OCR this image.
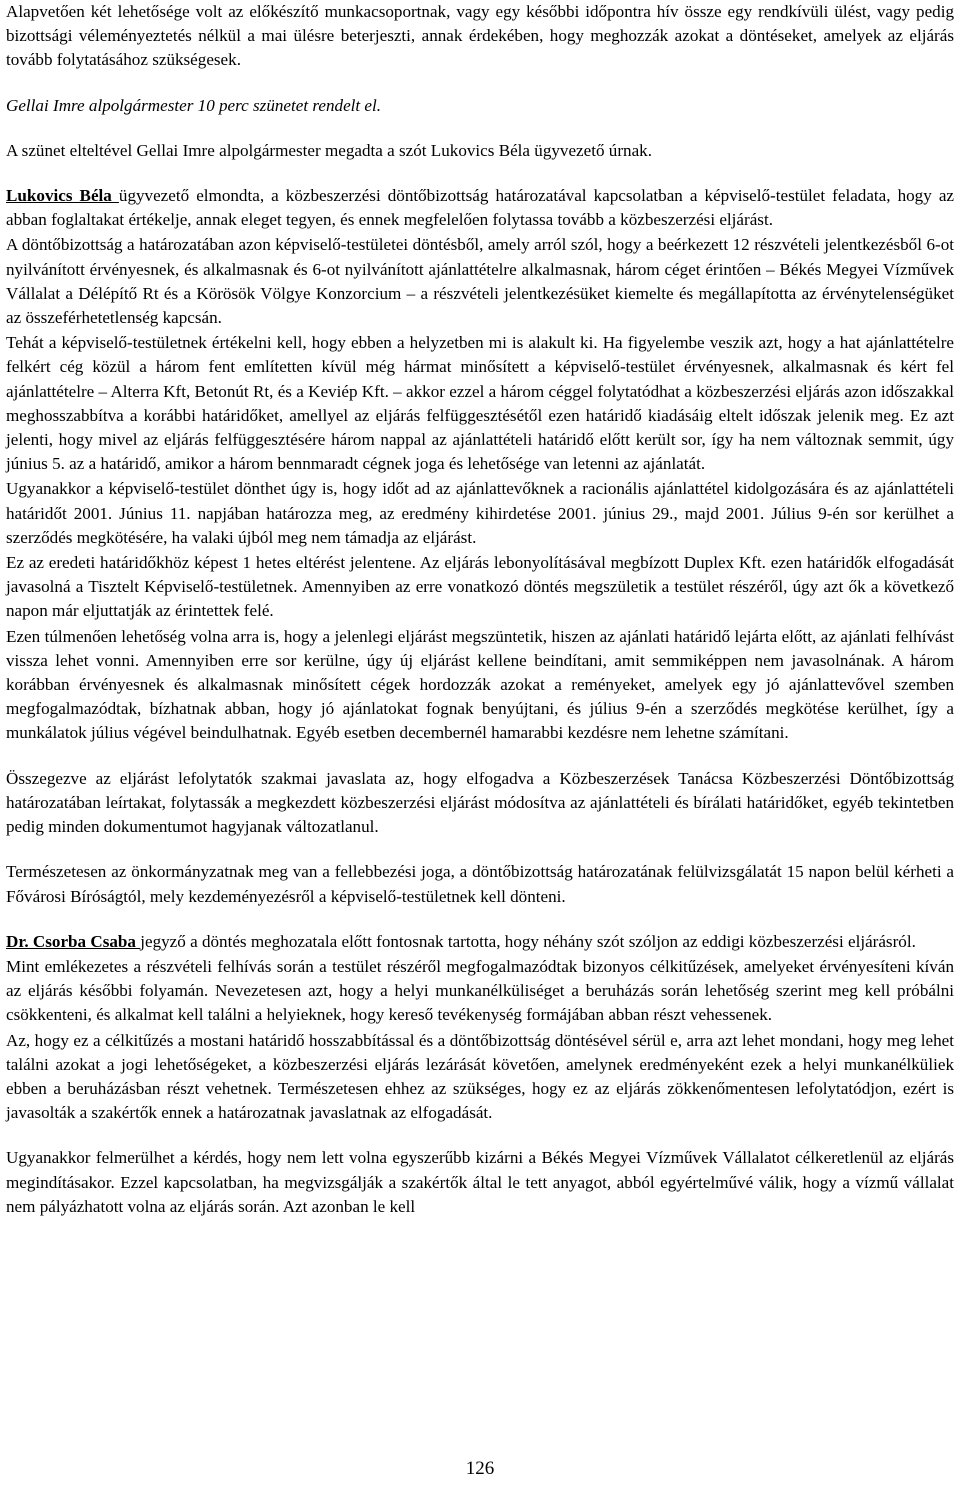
Alapvetően két lehetősége volt az előkészítő munkacsoportnak, vagy egy későbbi időpontra hív össze egy rendkívüli ülést, vagy pedig bizottsági véleményeztetés nélkül a mai ülésre beterjeszti, annak érdekében, hogy meghozzák azokat a döntéseket, amelyek az eljárás tovább folytatásához szükségesek.

Gellai Imre alpolgármester 10 perc szünetet rendelt el.

A szünet elteltével Gellai Imre alpolgármester megadta a szót Lukovics Béla ügyvezető úrnak.

Lukovics Béla ügyvezető elmondta, a közbeszerzési döntőbizottság határozatával kapcsolatban a képviselő-testület feladata, hogy az abban foglaltakat értékelje, annak eleget tegyen, és ennek megfelelően folytassa tovább a közbeszerzési eljárást.

A döntőbizottság a határozatában azon képviselő-testületei döntésből, amely arról szól, hogy a beérkezett 12 részvételi jelentkezésből 6-ot nyilvánított érvényesnek, és alkalmasnak és 6-ot nyilvánított ajánlattételre alkalmasnak, három céget érintően – Békés Megyei Vízművek Vállalat a Délépítő Rt és a Körösök Völgye Konzorcium – a részvételi jelentkezésüket kiemelte és megállapította az érvénytelenségüket az összeférhetetlenség kapcsán.

Tehát a képviselő-testületnek értékelni kell, hogy ebben a helyzetben mi is alakult ki. Ha figyelembe veszik azt, hogy a hat ajánlattételre felkért cég közül a három fent említetten kívül még hármat minősített a képviselő-testület érvényesnek, alkalmasnak és kért fel ajánlattételre – Alterra Kft, Betonút Rt, és a Keviép Kft. – akkor ezzel a három céggel folytatódhat a közbeszerzési eljárás azon időszakkal meghosszabbítva a korábbi határidőket, amellyel az eljárás felfüggesztésétől ezen határidő kiadásáig eltelt időszak jelenik meg. Ez azt jelenti, hogy mivel az eljárás felfüggesztésére három nappal az ajánlattételi határidő előtt került sor, így ha nem változnak semmit, úgy június 5. az a határidő, amikor a három bennmaradt cégnek joga és lehetősége van letenni az ajánlatát.

Ugyanakkor a képviselő-testület dönthet úgy is, hogy időt ad az ajánlattevőknek a racionális ajánlattétel kidolgozására és az ajánlattételi határidőt 2001. Június 11. napjában határozza meg, az eredmény kihirdetése 2001. június 29., majd 2001. Július 9-én sor kerülhet a szerződés megkötésére, ha valaki újból meg nem támadja az eljárást.

Ez az eredeti határidőkhöz képest 1 hetes eltérést jelentene. Az eljárás lebonyolításával megbízott Duplex Kft. ezen határidők elfogadását javasolná a Tisztelt Képviselő-testületnek. Amennyiben az erre vonatkozó döntés megszületik a testület részéről, úgy azt ők a következő napon már eljuttatják az érintettek felé.

Ezen túlmenően lehetőség volna arra is, hogy a jelenlegi eljárást megszüntetik, hiszen az ajánlati határidő lejárta előtt, az ajánlati felhívást vissza lehet vonni. Amennyiben erre sor kerülne, úgy új eljárást kellene beindítani, amit semmiképpen nem javasolnának. A három korábban érvényesnek és alkalmasnak minősített cégek hordozzák azokat a reményeket, amelyek egy jó ajánlattevővel szemben megfogalmazódtak, bízhatnak abban, hogy jó ajánlatokat fognak benyújtani, és július 9-én a szerződés megkötése kerülhet, így a munkálatok július végével beindulhatnak. Egyéb esetben decembernél hamarabbi kezdésre nem lehetne számítani.

Összegezve az eljárást lefolytatók szakmai javaslata az, hogy elfogadva a Közbeszerzések Tanácsa Közbeszerzési Döntőbizottság határozatában leírtakat, folytassák a megkezdett közbeszerzési eljárást módosítva az ajánlattételi és bírálati határidőket, egyéb tekintetben pedig minden dokumentumot hagyjanak változatlanul.

Természetesen az önkormányzatnak meg van a fellebbezési joga, a döntőbizottság határozatának felülvizsgálatát 15 napon belül kérheti a Fővárosi Bíróságtól, mely kezdeményezésről a képviselő-testületnek kell dönteni.

Dr. Csorba Csaba jegyző a döntés meghozatala előtt fontosnak tartotta, hogy néhány szót szóljon az eddigi közbeszerzési eljárásról.

Mint emlékezetes a részvételi felhívás során a testület részéről megfogalmazódtak bizonyos célkitűzések, amelyeket érvényesíteni kíván az eljárás későbbi folyamán. Nevezetesen azt, hogy a helyi munkanélküliséget a beruházás során lehetőség szerint meg kell próbálni csökkenteni, és alkalmat kell találni a helyieknek, hogy kereső tevékenység formájában abban részt vehessenek.

Az, hogy ez a célkitűzés a mostani határidő hosszabbítással és a döntőbizottság döntésével sérül e, arra azt lehet mondani, hogy meg lehet találni azokat a jogi lehetőségeket, a közbeszerzési eljárás lezárását követően, amelynek eredményeként ezek a helyi munkanélküliek ebben a beruházásban részt vehetnek. Természetesen ehhez az szükséges, hogy ez az eljárás zökkenőmentesen lefolytatódjon, ezért is javasolták a szakértők ennek a határozatnak javaslatnak az elfogadását.

Ugyanakkor felmerülhet a kérdés, hogy nem lett volna egyszerűbb kizárni a Békés Megyei Vízművek Vállalatot célkeretlenül az eljárás megindításakor. Ezzel kapcsolatban, ha megvizsgálják a szakértők által le tett anyagot, abból egyértelművé válik, hogy a vízmű vállalat nem pályázhatott volna az eljárás során. Azt azonban le kell

126
